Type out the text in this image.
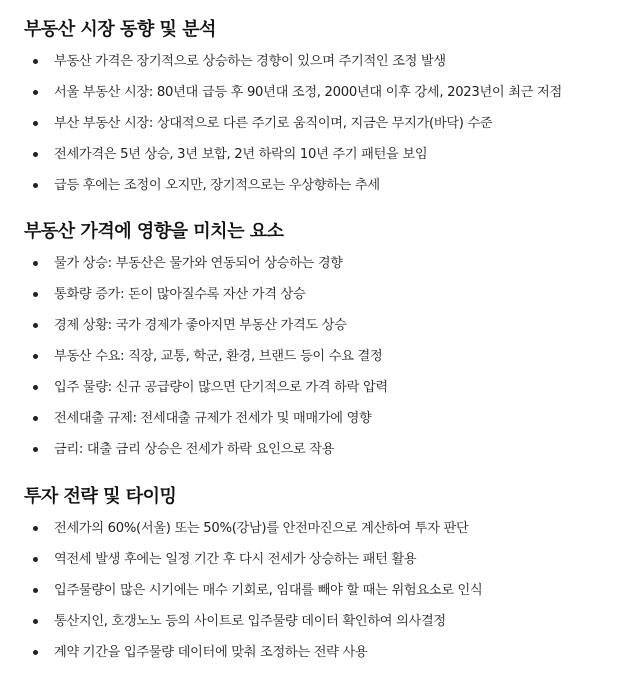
부동산 시장 동향 및 분석
부동산 가격은 장기적으로 상승하는 경향이 있으며 주기적인 조정 발생
서울 부동산 시장: 80년대 급등 후 90년대 조정, 2000년대 이후 강세, 2023년이 최근 저점
부산 부동산 시장: 상대적으로 다른 주기로 움직이며, 지금은 무지가(바닥) 수준
전세가격은 5년 상승, 3년 보합, 2년 하락의 10년 주기 패턴을 보임
급등 후에는 조정이 오지만, 장기적으로는 우상향하는 추세
부동산 가격에 영향을 미치는 요소
물가 상승: 부동산은 물가와 연동되어 상승하는 경향
통화량 증가: 돈이 많아질수록 자산 가격 상승
경제 상황: 국가 경제가 좋아지면 부동산 가격도 상승
부동산 수요: 직장, 교통, 학군, 환경, 브랜드 등이 수요 결정
입주 물량: 신규 공급량이 많으면 단기적으로 가격 하락 압력
전세대출 규제: 전세대출 규제가 전세가 및 매매가에 영향
금리: 대출 금리 상승은 전세가 하락 요인으로 작용
투자 전략 및 타이밍
전세가의 60%(서울) 또는 50%(강남)를 안전마진으로 계산하여 투자 판단
역전세 발생 후에는 일정 기간 후 다시 전세가 상승하는 패턴 활용
입주물량이 많은 시기에는 매수 기회로, 임대를 빼야 할 때는 위험요소로 인식
통산지인, 호갱노노 등의 사이트로 입주물량 데이터 확인하여 의사결정
계약 기간을 입주물량 데이터에 맞춰 조정하는 전략 사용
